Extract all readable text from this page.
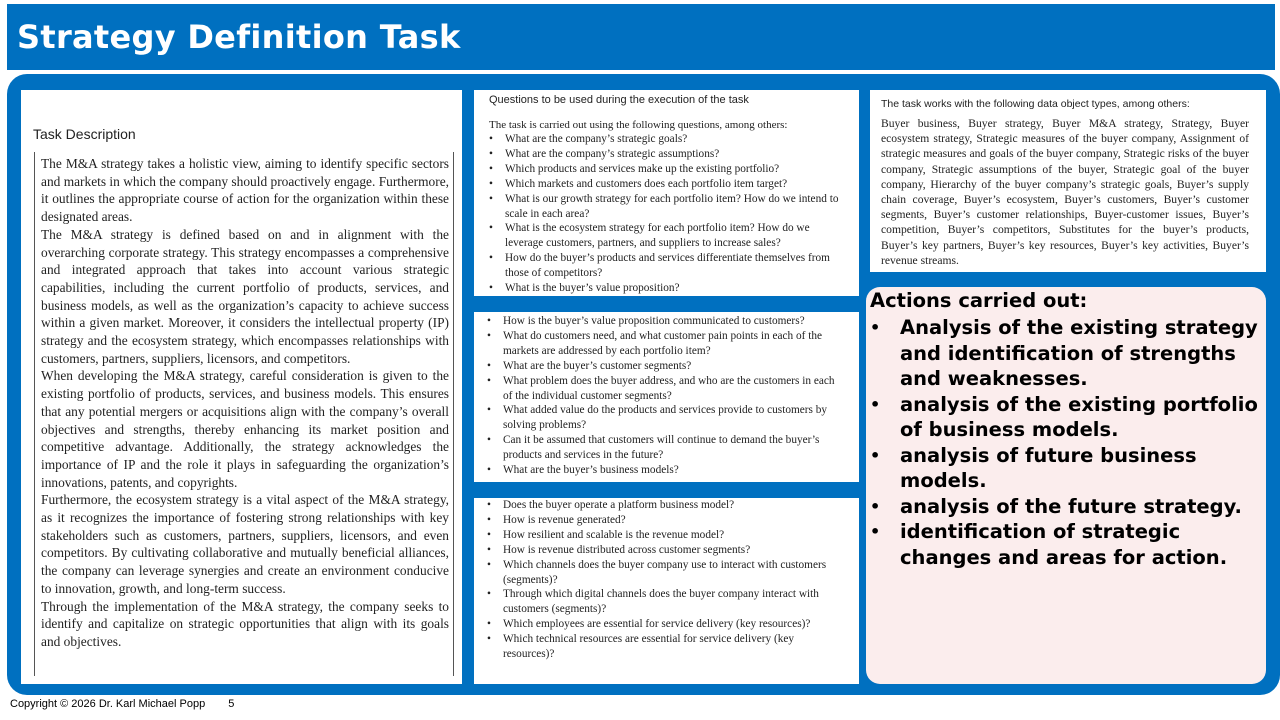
Strategy Definition Task
Task Description

The M&A strategy takes a holistic view, aiming to identify specific sectors and markets in which the company should proactively engage. Furthermore, it outlines the appropriate course of action for the organization within these designated areas.

The M&A strategy is defined based on and in alignment with the overarching corporate strategy. This strategy encompasses a comprehensive and integrated approach that takes into account various strategic capabilities, including the current portfolio of products, services, and business models, as well as the organization’s capacity to achieve success within a given market. Moreover, it considers the intellectual property (IP) strategy and the ecosystem strategy, which encompasses relationships with customers, partners, suppliers, licensors, and competitors.

When developing the M&A strategy, careful consideration is given to the existing portfolio of products, services, and business models. This ensures that any potential mergers or acquisitions align with the company’s overall objectives and strengths, thereby enhancing its market position and competitive advantage. Additionally, the strategy acknowledges the importance of IP and the role it plays in safeguarding the organization’s innovations, patents, and copyrights.

Furthermore, the ecosystem strategy is a vital aspect of the M&A strategy, as it recognizes the importance of fostering strong relationships with key stakeholders such as customers, partners, suppliers, licensors, and even competitors. By cultivating collaborative and mutually beneficial alliances, the company can leverage synergies and create an environment conducive to innovation, growth, and long-term success.

Through the implementation of the M&A strategy, the company seeks to identify and capitalize on strategic opportunities that align with its goals and objectives.

Questions to be used during the execution of the task
The task is carried out using the following questions, among others:
• What are the company’s strategic goals?
• What are the company’s strategic assumptions?
• Which products and services make up the existing portfolio?
• Which markets and customers does each portfolio item target?
• What is our growth strategy for each portfolio item? How do we intend to scale in each area?
• What is the ecosystem strategy for each portfolio item? How do we leverage customers, partners, and suppliers to increase sales?
• How do the buyer’s products and services differentiate themselves from those of competitors?
• What is the buyer’s value proposition?
• How is the buyer’s value proposition communicated to customers?
• What do customers need, and what customer pain points in each of the markets are addressed by each portfolio item?
• What are the buyer’s customer segments?
• What problem does the buyer address, and who are the customers in each of the individual customer segments?
• What added value do the products and services provide to customers by solving problems?
• Can it be assumed that customers will continue to demand the buyer’s products and services in the future?
• What are the buyer’s business models?
• Does the buyer operate a platform business model?
• How is revenue generated?
• How resilient and scalable is the revenue model?
• How is revenue distributed across customer segments?
• Which channels does the buyer company use to interact with customers (segments)?
• Through which digital channels does the buyer company interact with customers (segments)?
• Which employees are essential for service delivery (key resources)?
• Which technical resources are essential for service delivery (key resources)?
The task works with the following data object types, among others:

Buyer business, Buyer strategy, Buyer M&A strategy, Strategy, Buyer ecosystem strategy, Strategic measures of the buyer company, Assignment of strategic measures and goals of the buyer company, Strategic risks of the buyer company, Strategic assumptions of the buyer, Strategic goal of the buyer company, Hierarchy of the buyer company’s strategic goals, Buyer’s supply chain coverage, Buyer’s ecosystem, Buyer’s customers, Buyer’s customer segments, Buyer’s customer relationships, Buyer-customer issues, Buyer’s competition, Buyer’s competitors, Substitutes for the buyer’s products, Buyer’s key partners, Buyer’s key resources, Buyer’s key activities, Buyer’s revenue streams.

Actions carried out:
• Analysis of the existing strategy and identification of strengths and weaknesses.
• analysis of the existing portfolio of business models.
• analysis of future business models.
• analysis of the future strategy.
• identification of strategic changes and areas for action.
Copyright © 2026 Dr. Karl Michael Popp 5
